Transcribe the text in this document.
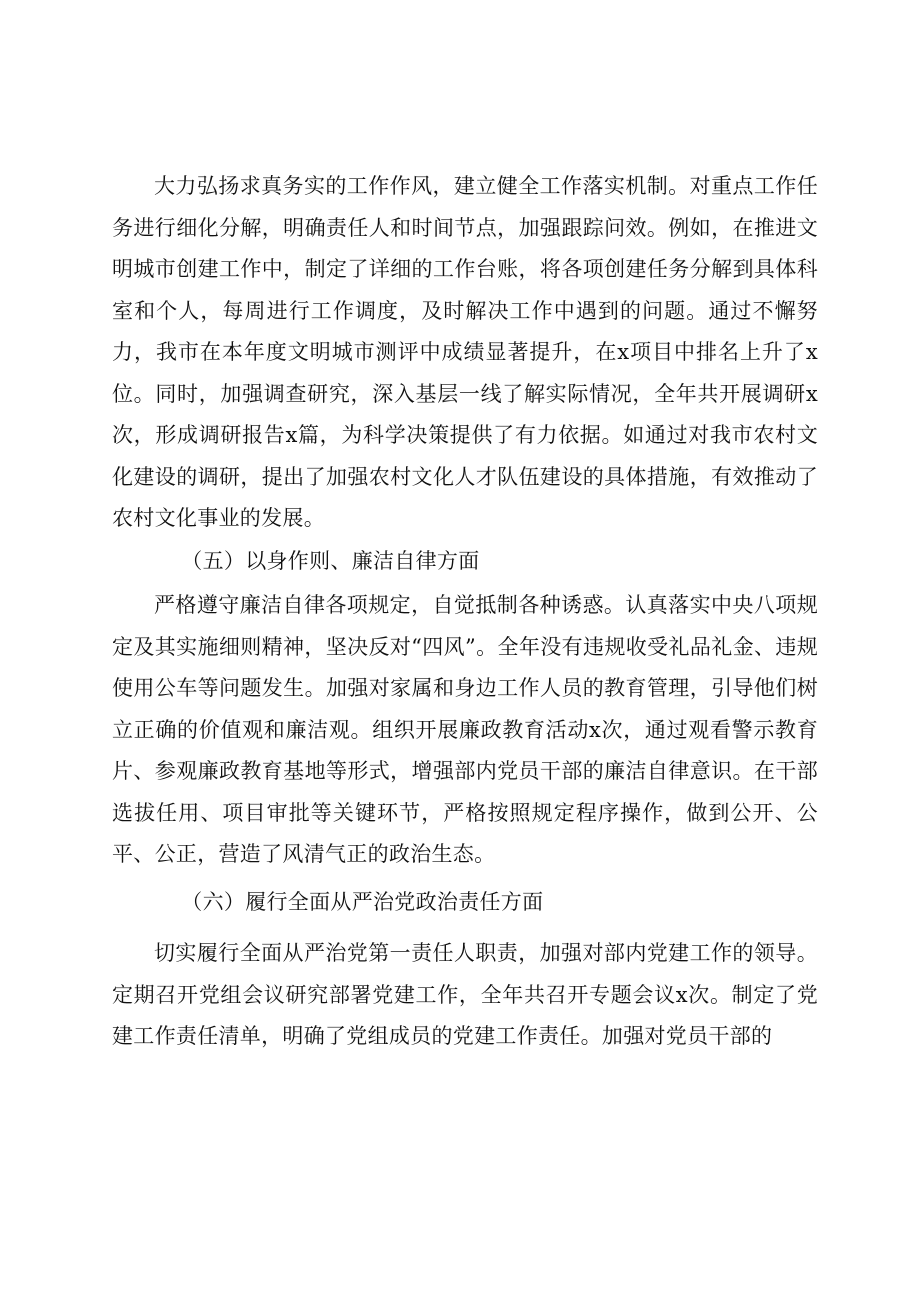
大力弘扬求真务实的工作作风，建立健全工作落实机制。对重点工作任务进行细化分解，明确责任人和时间节点，加强跟踪问效。例如，在推进文明城市创建工作中，制定了详细的工作台账，将各项创建任务分解到具体科室和个人，每周进行工作调度，及时解决工作中遇到的问题。通过不懈努力，我市在本年度文明城市测评中成绩显著提升，在x项目中排名上升了x位。同时，加强调查研究，深入基层一线了解实际情况，全年共开展调研x次，形成调研报告x篇，为科学决策提供了有力依据。如通过对我市农村文化建设的调研，提出了加强农村文化人才队伍建设的具体措施，有效推动了农村文化事业的发展。

（五）以身作则、廉洁自律方面

严格遵守廉洁自律各项规定，自觉抵制各种诱惑。认真落实中央八项规定及其实施细则精神，坚决反对“四风”。全年没有违规收受礼品礼金、违规使用公车等问题发生。加强对家属和身边工作人员的教育管理，引导他们树立正确的价值观和廉洁观。组织开展廉政教育活动x次，通过观看警示教育片、参观廉政教育基地等形式，增强部内党员干部的廉洁自律意识。在干部选拔任用、项目审批等关键环节，严格按照规定程序操作，做到公开、公平、公正，营造了风清气正的政治生态。

（六）履行全面从严治党政治责任方面

切实履行全面从严治党第一责任人职责，加强对部内党建工作的领导。定期召开党组会议研究部署党建工作，全年共召开专题会议x次。制定了党建工作责任清单，明确了党组成员的党建工作责任。加强对党员干部的
